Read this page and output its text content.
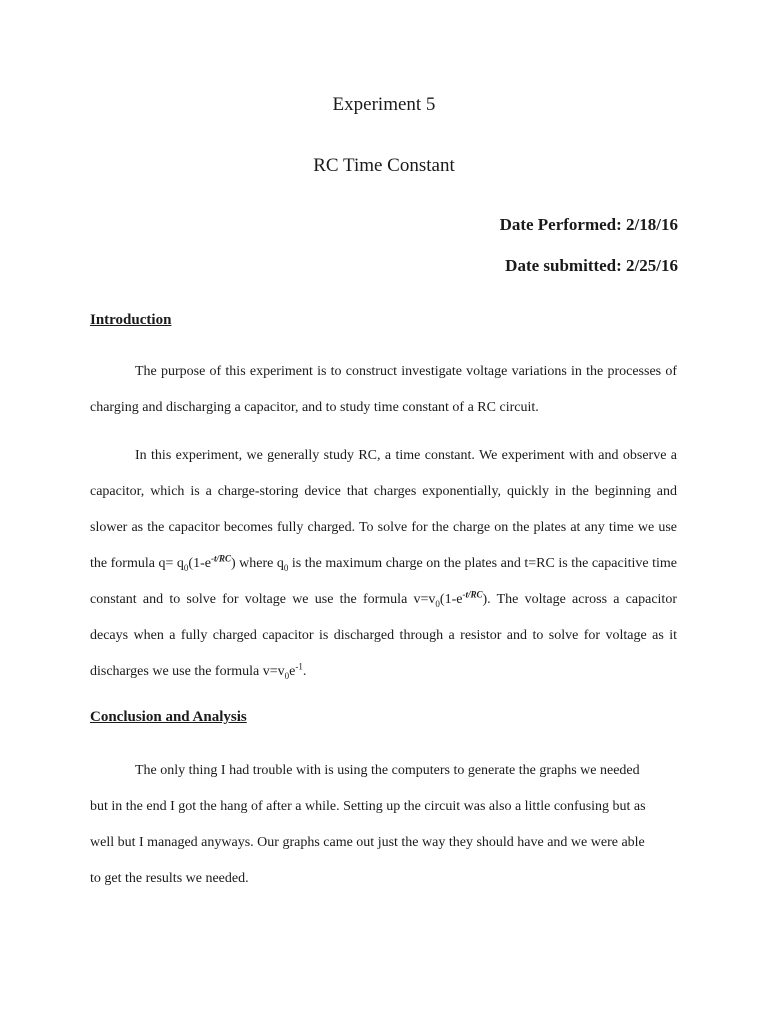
Experiment 5
RC Time Constant

Date Performed: 2/18/16

Date submitted: 2/25/16

Introduction

The purpose of this experiment is to construct investigate voltage variations in the processes of charging and discharging a capacitor, and to study time constant of a RC circuit.

In this experiment, we generally study RC, a time constant. We experiment with and observe a capacitor, which is a charge-storing device that charges exponentially, quickly in the beginning and slower as the capacitor becomes fully charged. To solve for the charge on the plates at any time we use the formula $q= q_0(1-e^{-t/RC})$ where $q_0$ is the maximum charge on the plates and t=RC is the capacitive time constant and to solve for voltage we use the formula $v=v_0(1-e^{-t/RC})$. The voltage across a capacitor decays when a fully charged capacitor is discharged through a resistor and to solve for voltage as it discharges we use the formula $v=v_0e^{-1}$.

Conclusion and Analysis

The only thing I had trouble with is using the computers to generate the graphs we needed but in the end I got the hang of after a while. Setting up the circuit was also a little confusing but as well but I managed anyways. Our graphs came out just the way they should have and we were able to get the results we needed.
